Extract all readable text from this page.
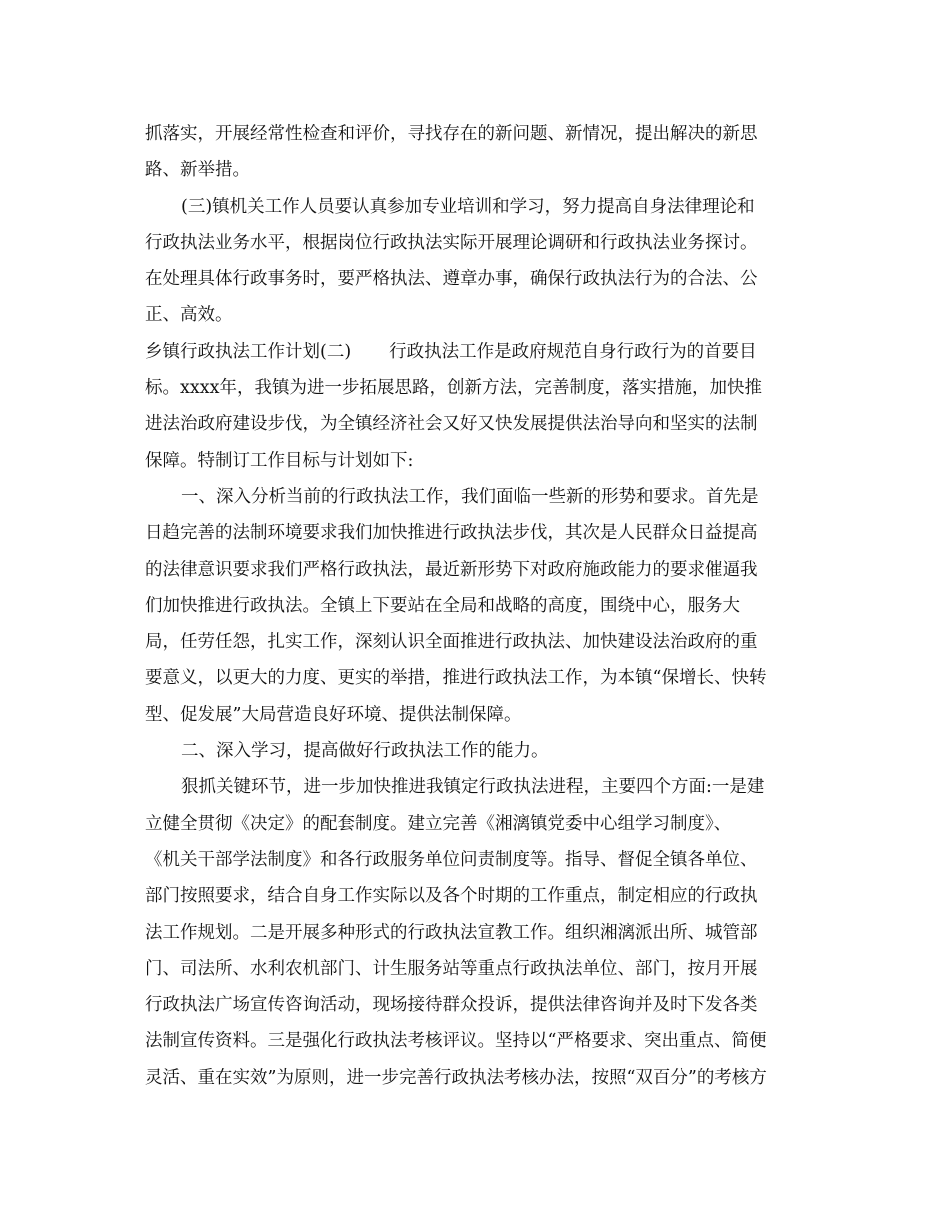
抓落实，开展经常性检查和评价，寻找存在的新问题、新情况，提出解决的新思
路、新举措。
(三)镇机关工作人员要认真参加专业培训和学习，努力提高自身法律理论和
行政执法业务水平，根据岗位行政执法实际开展理论调研和行政执法业务探讨。
在处理具体行政事务时，要严格执法、遵章办事，确保行政执法行为的合法、公
正、高效。
乡镇行政执法工作计划(二) 行政执法工作是政府规范自身行政行为的首要目
标。xxxx年，我镇为进一步拓展思路，创新方法，完善制度，落实措施，加快推
进法治政府建设步伐，为全镇经济社会又好又快发展提供法治导向和坚实的法制
保障。特制订工作目标与计划如下:
一、深入分析当前的行政执法工作，我们面临一些新的形势和要求。首先是
日趋完善的法制环境要求我们加快推进行政执法步伐，其次是人民群众日益提高
的法律意识要求我们严格行政执法，最近新形势下对政府施政能力的要求催逼我
们加快推进行政执法。全镇上下要站在全局和战略的高度，围绕中心，服务大
局，任劳任怨，扎实工作，深刻认识全面推进行政执法、加快建设法治政府的重
要意义，以更大的力度、更实的举措，推进行政执法工作，为本镇“保增长、快转
型、促发展”大局营造良好环境、提供法制保障。
二、深入学习，提高做好行政执法工作的能力。
狠抓关键环节，进一步加快推进我镇定行政执法进程，主要四个方面:一是建
立健全贯彻《决定》的配套制度。建立完善《湘漓镇党委中心组学习制度》、
《机关干部学法制度》和各行政服务单位问责制度等。指导、督促全镇各单位、
部门按照要求，结合自身工作实际以及各个时期的工作重点，制定相应的行政执
法工作规划。二是开展多种形式的行政执法宣教工作。组织湘漓派出所、城管部
门、司法所、水利农机部门、计生服务站等重点行政执法单位、部门，按月开展
行政执法广场宣传咨询活动，现场接待群众投诉，提供法律咨询并及时下发各类
法制宣传资料。三是强化行政执法考核评议。坚持以“严格要求、突出重点、简便
灵活、重在实效”为原则，进一步完善行政执法考核办法，按照“双百分”的考核方
